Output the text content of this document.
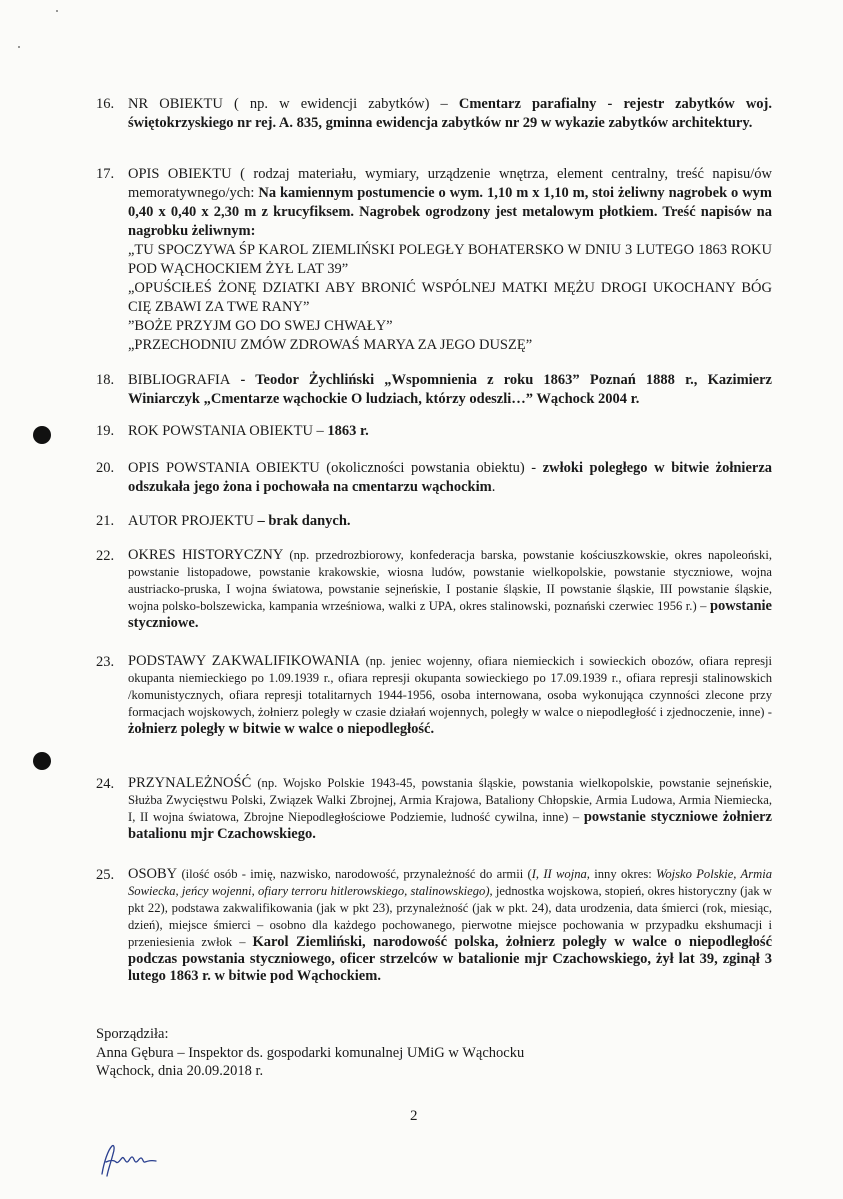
16. NR OBIEKTU ( np. w ewidencji zabytków) – Cmentarz parafialny - rejestr zabytków woj. świętokrzyskiego nr rej. A. 835, gminna ewidencja zabytków nr 29 w wykazie zabytków architektury.
17. OPIS OBIEKTU ( rodzaj materiału, wymiary, urządzenie wnętrza, element centralny, treść napisu/ów memoratywnego/ych: Na kamiennym postumencie o wym. 1,10 m x 1,10 m, stoi żeliwny nagrobek o wym 0,40 x 0,40 x 2,30 m z krucyfiksem. Nagrobek ogrodzony jest metalowym płotkiem. Treść napisów na nagrobku żeliwnym:
„TU SPOCZYWA ŚP KAROL ZIEMLIŃSKI POLEGŁY BOHATERSKO W DNIU 3 LUTEGO 1863 ROKU POD WĄCHOCKIEM ŻYŁ LAT 39”
„OPUŚCIŁEŚ ŻONĘ DZIATKI ABY BRONIĆ WSPÓLNEJ MATKI MĘŻU DROGI UKOCHANY BÓG CIĘ ZBAWI ZA TWE RANY”
”BOŻE PRZYJM GO DO SWEJ CHWAŁY”
„PRZECHODNIU ZMÓW ZDROWAŚ MARYA ZA JEGO DUSZĘ”
18. BIBLIOGRAFIA - Teodor Żychliński „Wspomnienia z roku 1863” Poznań 1888 r., Kazimierz Winiarczyk „Cmentarze wąchockie O ludziach, którzy odeszli…” Wąchock 2004 r.
19. ROK POWSTANIA OBIEKTU – 1863 r.
20. OPIS POWSTANIA OBIEKTU (okoliczności powstania obiektu) - zwłoki poległego w bitwie żołnierza odszukała jego żona i pochowała na cmentarzu wąchockim.
21. AUTOR PROJEKTU – brak danych.
22. OKRES HISTORYCZNY (np. przedrozbiorowy, konfederacja barska, powstanie kościuszkowskie, okres napoleoński, powstanie listopadowe, powstanie krakowskie, wiosna ludów, powstanie wielkopolskie, powstanie styczniowe, wojna austriacko-pruska, I wojna światowa, powstanie sejneńskie, I postanie śląskie, II powstanie śląskie, III powstanie śląskie, wojna polsko-bolszewicka, kampania wrześniowa, walki z UPA, okres stalinowski, poznański czerwiec 1956 r.) – powstanie styczniowe.
23. PODSTAWY ZAKWALIFIKOWANIA (np. jeniec wojenny, ofiara niemieckich i sowieckich obozów, ofiara represji okupanta niemieckiego po 1.09.1939 r., ofiara represji okupanta sowieckiego po 17.09.1939 r., ofiara represji stalinowskich /komunistycznych, ofiara represji totalitarnych 1944-1956, osoba internowana, osoba wykonująca czynności zlecone przy formacjach wojskowych, żołnierz poległy w czasie działań wojennych, poległy w walce o niepodległość i zjednoczenie, inne) - żołnierz poległy w bitwie w walce o niepodległość.
24. PRZYNALEŻNOŚĆ (np. Wojsko Polskie 1943-45, powstania śląskie, powstania wielkopolskie, powstanie sejneńskie, Służba Zwycięstwu Polski, Związek Walki Zbrojnej, Armia Krajowa, Bataliony Chłopskie, Armia Ludowa, Armia Niemiecka, I, II wojna światowa, Zbrojne Niepodległościowe Podziemie, ludność cywilna, inne) – powstanie styczniowe żołnierz batalionu mjr Czachowskiego.
25. OSOBY (ilość osób - imię, nazwisko, narodowość, przynależność do armii (I, II wojna, inny okres: Wojsko Polskie, Armia Sowiecka, jeńcy wojenni, ofiary terroru hitlerowskiego, stalinowskiego), jednostka wojskowa, stopień, okres historyczny (jak w pkt 22), podstawa zakwalifikowania (jak w pkt 23), przynależność (jak w pkt. 24), data urodzenia, data śmierci (rok, miesiąc, dzień), miejsce śmierci – osobno dla każdego pochowanego, pierwotne miejsce pochowania w przypadku ekshumacji i przeniesienia zwłok – Karol Ziemliński, narodowość polska, żołnierz poległy w walce o niepodległość podczas powstania styczniowego, oficer strzelców w batalionie mjr Czachowskiego, żył lat 39, zginął 3 lutego 1863 r. w bitwie pod Wąchockiem.
Sporządziła:
Anna Gębura – Inspektor ds. gospodarki komunalnej UMiG w Wąchocku
Wąchock, dnia 20.09.2018 r.
2
